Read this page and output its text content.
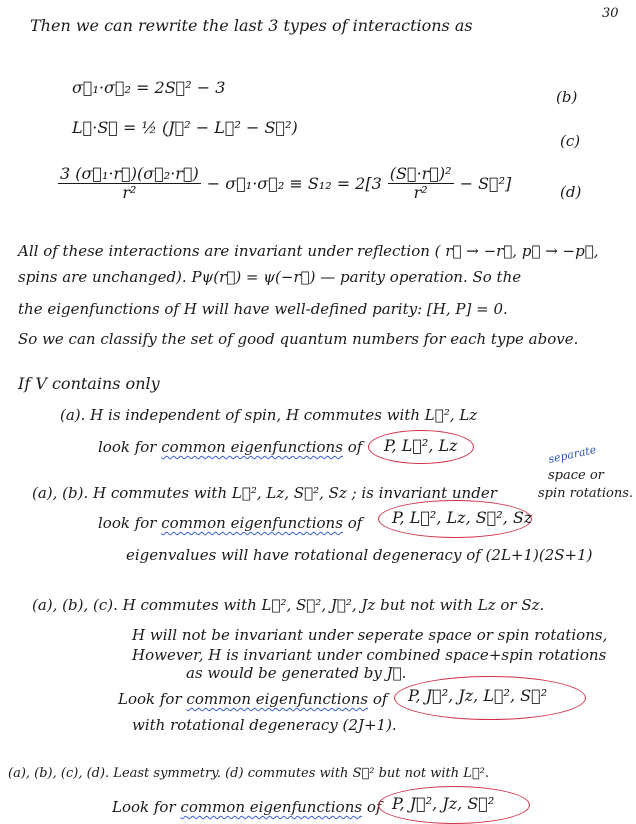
30
Then we can rewrite the last 3 types of interactions as
σ⃗₁·σ⃗₂ = 2S⃗² − 3	(b)
L⃗·S⃗ = ½ (J⃗² − L⃗² − S⃗²)
(c)
$\frac{\text{3 (σ⃗₁·r⃗)(σ⃗₂·r⃗)}}{\text{r²}}$ − σ⃗₁·σ⃗₂ ≡ $S_{12} = 2[3 \frac{\text{(S⃗·r⃗)²}}{\text{r²}}$ − S⃗²]	(d)
All of these interactions are invariant under reflection ( r⃗ → −r⃗, p⃗ → −p⃗,
spins are unchanged). Pψ(r⃗) = ψ(−r⃗) — parity operation. So the
the eigenfunctions of H will have well-defined parity: [H, P] = 0.
So we can classify the set of good quantum numbers for each type above.
If V contains only
(a). H is independent of spin, H commutes with L⃗², Lz
look for common eigenfunctions of P, L⃗², Lz
(a), (b). H commutes with L⃗², Lz, S⃗², Sz ; is invariant under
separate
space or
spin rotations.
look for common eigenfunctions of P, L⃗², Lz, S⃗², Sz
eigenvalues will have rotational degeneracy of (2L+1)(2S+1)
(a), (b), (c). H commutes with L⃗², S⃗², J⃗², Jz but not with Lz or Sz.
H will not be invariant under seperate space or spin rotations,
However, H is invariant under combined space+spin rotations
as would be generated by J⃗.
Look for common eigenfunctions of P, J⃗², Jz, L⃗², S⃗²
with rotational degeneracy (2J+1).
(a), (b), (c), (d). Least symmetry. (d) commutes with S⃗² but not with L⃗².
Look for common eigenfunctions of P, J⃗², Jz, S⃗²
